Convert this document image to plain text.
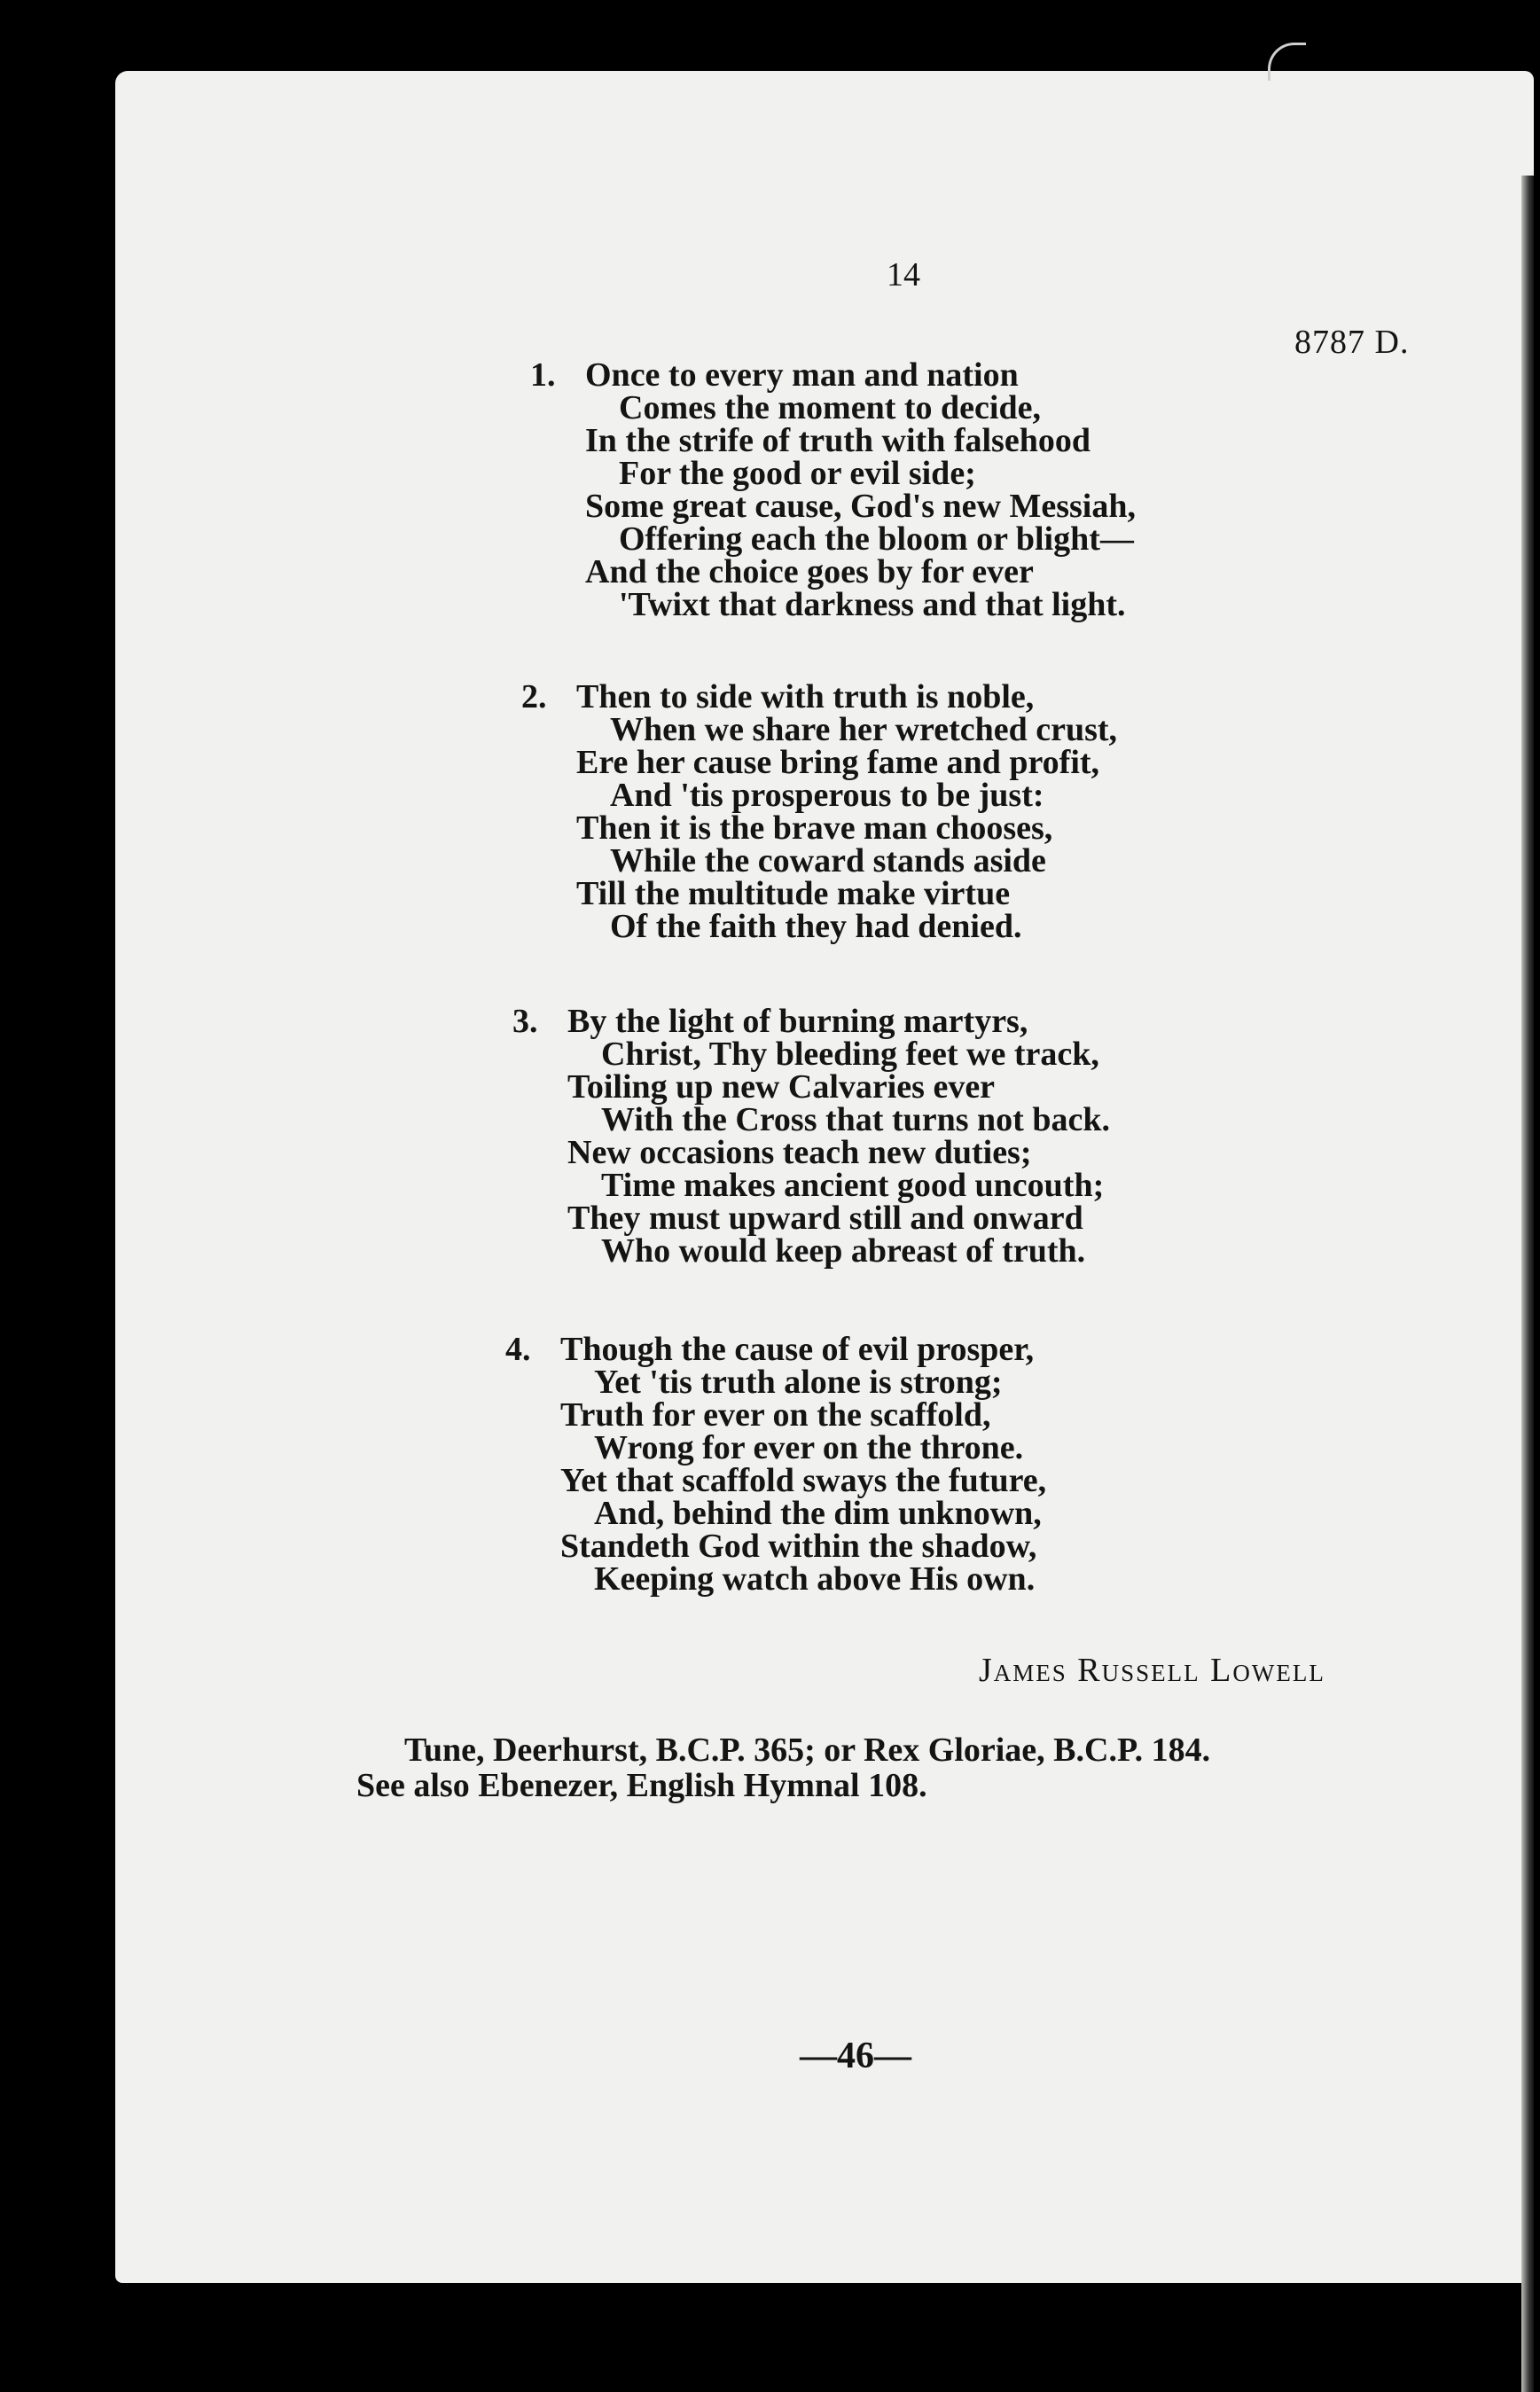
14
8787 D.
1. Once to every man and nation
Comes the moment to decide,
In the strife of truth with falsehood
For the good or evil side;
Some great cause, God's new Messiah,
Offering each the bloom or blight—
And the choice goes by for ever
'Twixt that darkness and that light.
2. Then to side with truth is noble,
When we share her wretched crust,
Ere her cause bring fame and profit,
And 'tis prosperous to be just:
Then it is the brave man chooses,
While the coward stands aside
Till the multitude make virtue
Of the faith they had denied.
3. By the light of burning martyrs,
Christ, Thy bleeding feet we track,
Toiling up new Calvaries ever
With the Cross that turns not back.
New occasions teach new duties;
Time makes ancient good uncouth;
They must upward still and onward
Who would keep abreast of truth.
4. Though the cause of evil prosper,
Yet 'tis truth alone is strong;
Truth for ever on the scaffold,
Wrong for ever on the throne.
Yet that scaffold sways the future,
And, behind the dim unknown,
Standeth God within the shadow,
Keeping watch above His own.
James Russell Lowell
Tune, Deerhurst, B.C.P. 365; or Rex Gloriae, B.C.P. 184.
See also Ebenezer, English Hymnal 108.
—46—
